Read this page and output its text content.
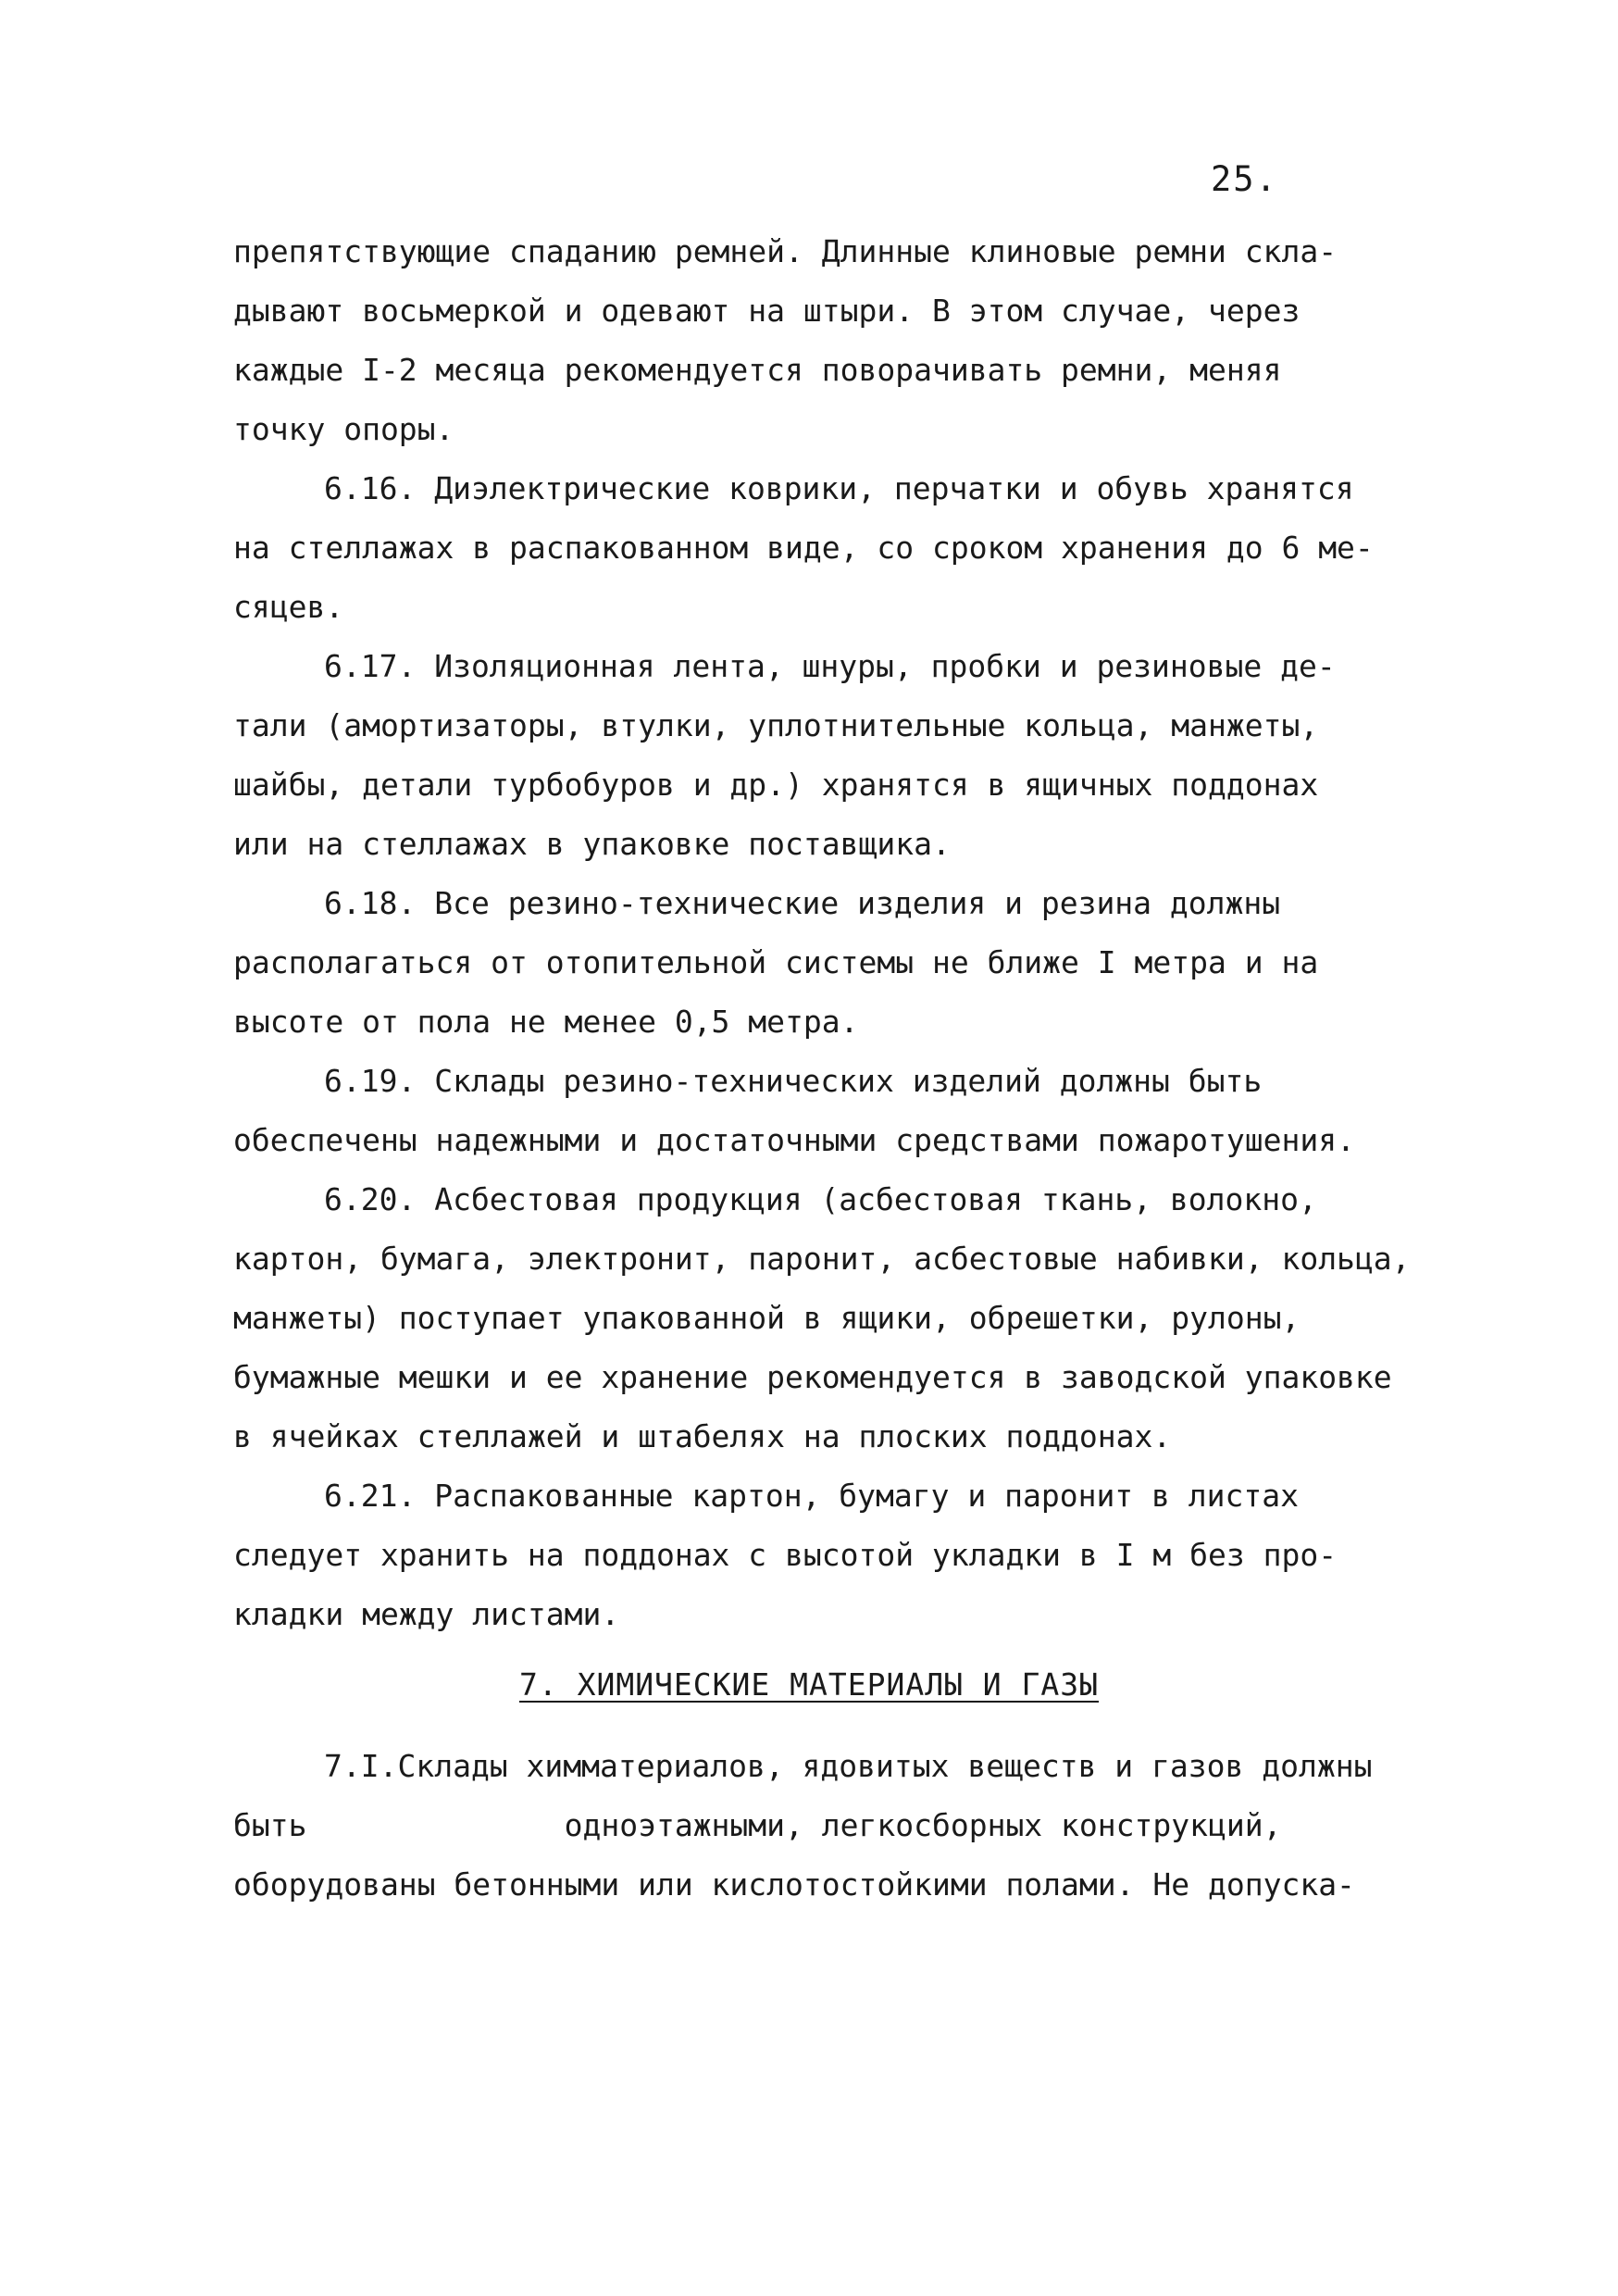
25.

препятствующие спаданию ремней. Длинные клиновые ремни скла-
дывают восьмеркой и одевают на штыри. В этом случае, через
каждые I-2 месяца рекомендуется поворачивать ремни, меняя
точку опоры.

6.16. Диэлектрические коврики, перчатки и обувь хранятся
на стеллажах в распакованном виде, со сроком хранения до 6 ме-
сяцев.

6.17. Изоляционная лента, шнуры, пробки и резиновые де-
тали (амортизаторы, втулки, уплотнительные кольца, манжеты,
шайбы, детали турбобуров и др.) хранятся в ящичных поддонах
или на стеллажах в упаковке поставщика.

6.18. Все резино-технические изделия и резина должны
располагаться от отопительной системы не ближе I метра и на
высоте от пола не менее 0,5 метра.

6.19. Склады резино-технических изделий должны быть
обеспечены надежными и достаточными средствами пожаротушения.

6.20. Асбестовая продукция (асбестовая ткань, волокно,
картон, бумага, электронит, паронит, асбестовые набивки, кольца,
манжеты) поступает упакованной в ящики, обрешетки, рулоны,
бумажные мешки и ее хранение рекомендуется в заводской упаковке
в ячейках стеллажей и штабелях на плоских поддонах.

6.21. Распакованные картон, бумагу и паронит в листах
следует хранить на поддонах с высотой укладки в I м без про-
кладки между листами.

7. ХИМИЧЕСКИЕ МАТЕРИАЛЫ И ГАЗЫ

7.I.Склады химматериалов, ядовитых веществ и газов должны
быть              одноэтажными, легкосборных конструкций,
оборудованы бетонными или кислотостойкими полами. Не допуска-
